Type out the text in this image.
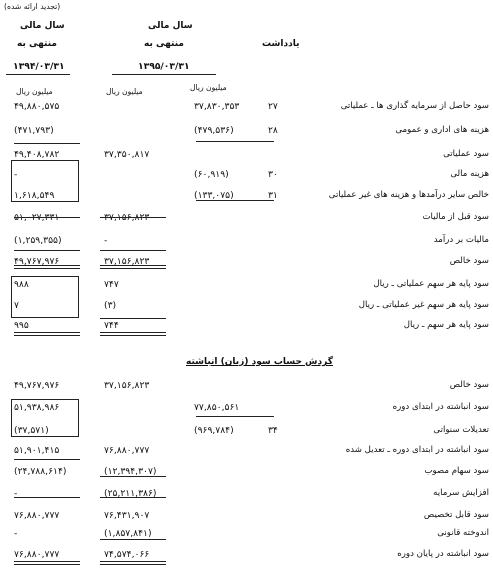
(تجدید ارائه شده)
سال مالی
منتهی به
۱۳۹۴/۰۳/۳۱
سال مالی
منتهی به
۱۳۹۵/۰۳/۳۱
یادداشت
میلیون ریال	میلیون ریال	میلیون ریال
سود حاصل از سرمایه گذاری ها ـ عملیاتی
۲۷
۳۷,۸۳۰,۳۵۳
۴۹,۸۸۰,۵۷۵
هزینه های اداری و عمومی
۲۸
(۴۷۹,۵۳۶)
(۴۷۱,۷۹۳)
سود عملیاتی
۳۷,۳۵۰,۸۱۷
۴۹,۴۰۸,۷۸۲
هزینه مالی
۳۰
(۶۰,۹۱۹)
-
خالص سایر درآمدها و هزینه های غیر عملیاتی
۳۱
(۱۳۳,۰۷۵)
۱,۶۱۸,۵۴۹
سود قبل از مالیات
۳۷,۱۵۶,۸۲۳
۵۱,۰۲۷,۳۳۱
مالیات بر درآمد
-
(۱,۲۵۹,۳۵۵)
سود خالص
۳۷,۱۵۶,۸۲۳
۴۹,۷۶۷,۹۷۶
سود پایه هر سهم عملیاتی ـ ریال
۷۴۷
۹۸۸
سود پایه هر سهم غیر عملیاتی ـ ریال
(۳)
۷
سود پایه هر سهم ـ ریال
۷۴۴
۹۹۵
گردش حساب سود (زیان) انباشته
سود خالص
۳۷,۱۵۶,۸۲۳
۴۹,۷۶۷,۹۷۶
سود انباشته در ابتدای دوره
۷۷,۸۵۰,۵۶۱
۵۱,۹۳۸,۹۸۶
تعدیلات سنواتی
۳۴
(۹۶۹,۷۸۴)
(۳۷,۵۷۱)
سود انباشته در ابتدای دوره ـ تعدیل شده
۷۶,۸۸۰,۷۷۷
۵۱,۹۰۱,۴۱۵
سود سهام مصوب
(۱۲,۳۹۴,۳۰۷)
(۲۴,۷۸۸,۶۱۴)
افزایش سرمایه
(۲۵,۲۱۱,۳۸۶)
-
سود قابل تخصیص
۷۶,۴۳۱,۹۰۷
۷۶,۸۸۰,۷۷۷
اندوخته قانونی
(۱,۸۵۷,۸۴۱)
-
سود انباشته در پایان دوره
۷۴,۵۷۴,۰۶۶
۷۶,۸۸۰,۷۷۷
